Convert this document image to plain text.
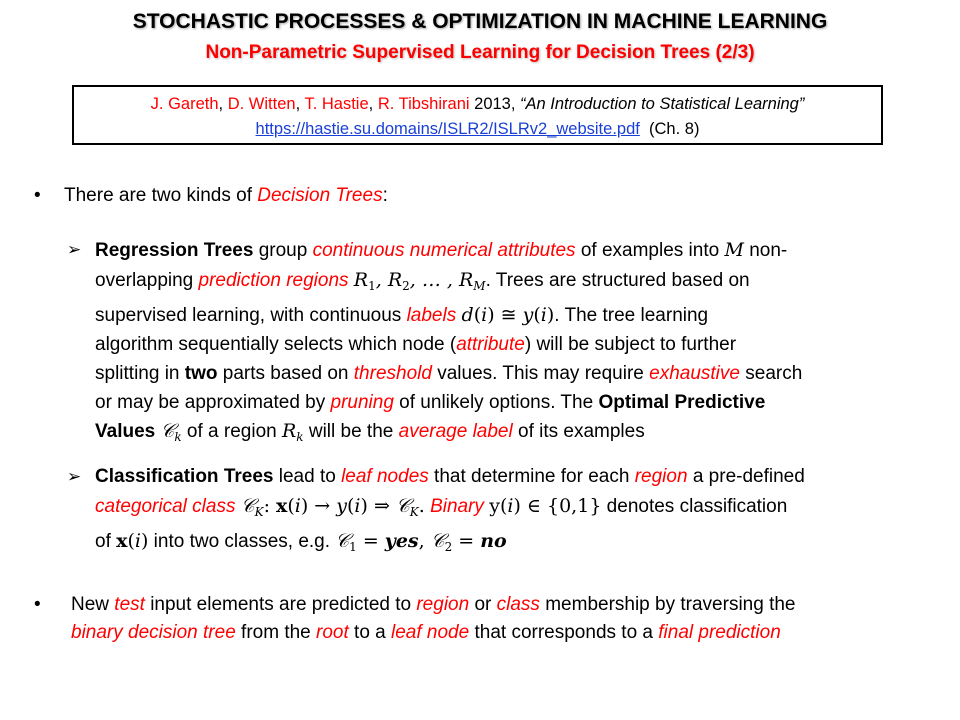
STOCHASTIC PROCESSES & OPTIMIZATION IN MACHINE LEARNING
Non-Parametric Supervised Learning for Decision Trees (2/3)
J. Gareth, D. Witten, T. Hastie, R. Tibshirani 2013, “An Introduction to Statistical Learning”
https://hastie.su.domains/ISLR2/ISLRv2_website.pdf (Ch. 8)
• There are two kinds of Decision Trees:
➢ Regression Trees group continuous numerical attributes of examples into M non-
overlapping prediction regions $R_1$, $R_2$, … , $R_M$. Trees are structured based on
supervised learning, with continuous labels d(i) ≅ y(i). The tree learning
algorithm sequentially selects which node (attribute) will be subject to further
splitting in two parts based on threshold values. This may require exhaustive search
or may be approximated by pruning of unlikely options. The Optimal Predictive
Values 𝒞$_k$ of a region $R_k$ will be the average label of its examples
➢ Classification Trees lead to leaf nodes that determine for each region a pre-defined
categorical class 𝒞$_K$: x(i) → y(i) ⇒ 𝒞$_K$. Binary y(i) ∈ {0,1} denotes classification
of x(i) into two classes, e.g. 𝒞$_1$ = yes, 𝒞$_2$ = no
• New test input elements are predicted to region or class membership by traversing the
binary decision tree from the root to a leaf node that corresponds to a final prediction
